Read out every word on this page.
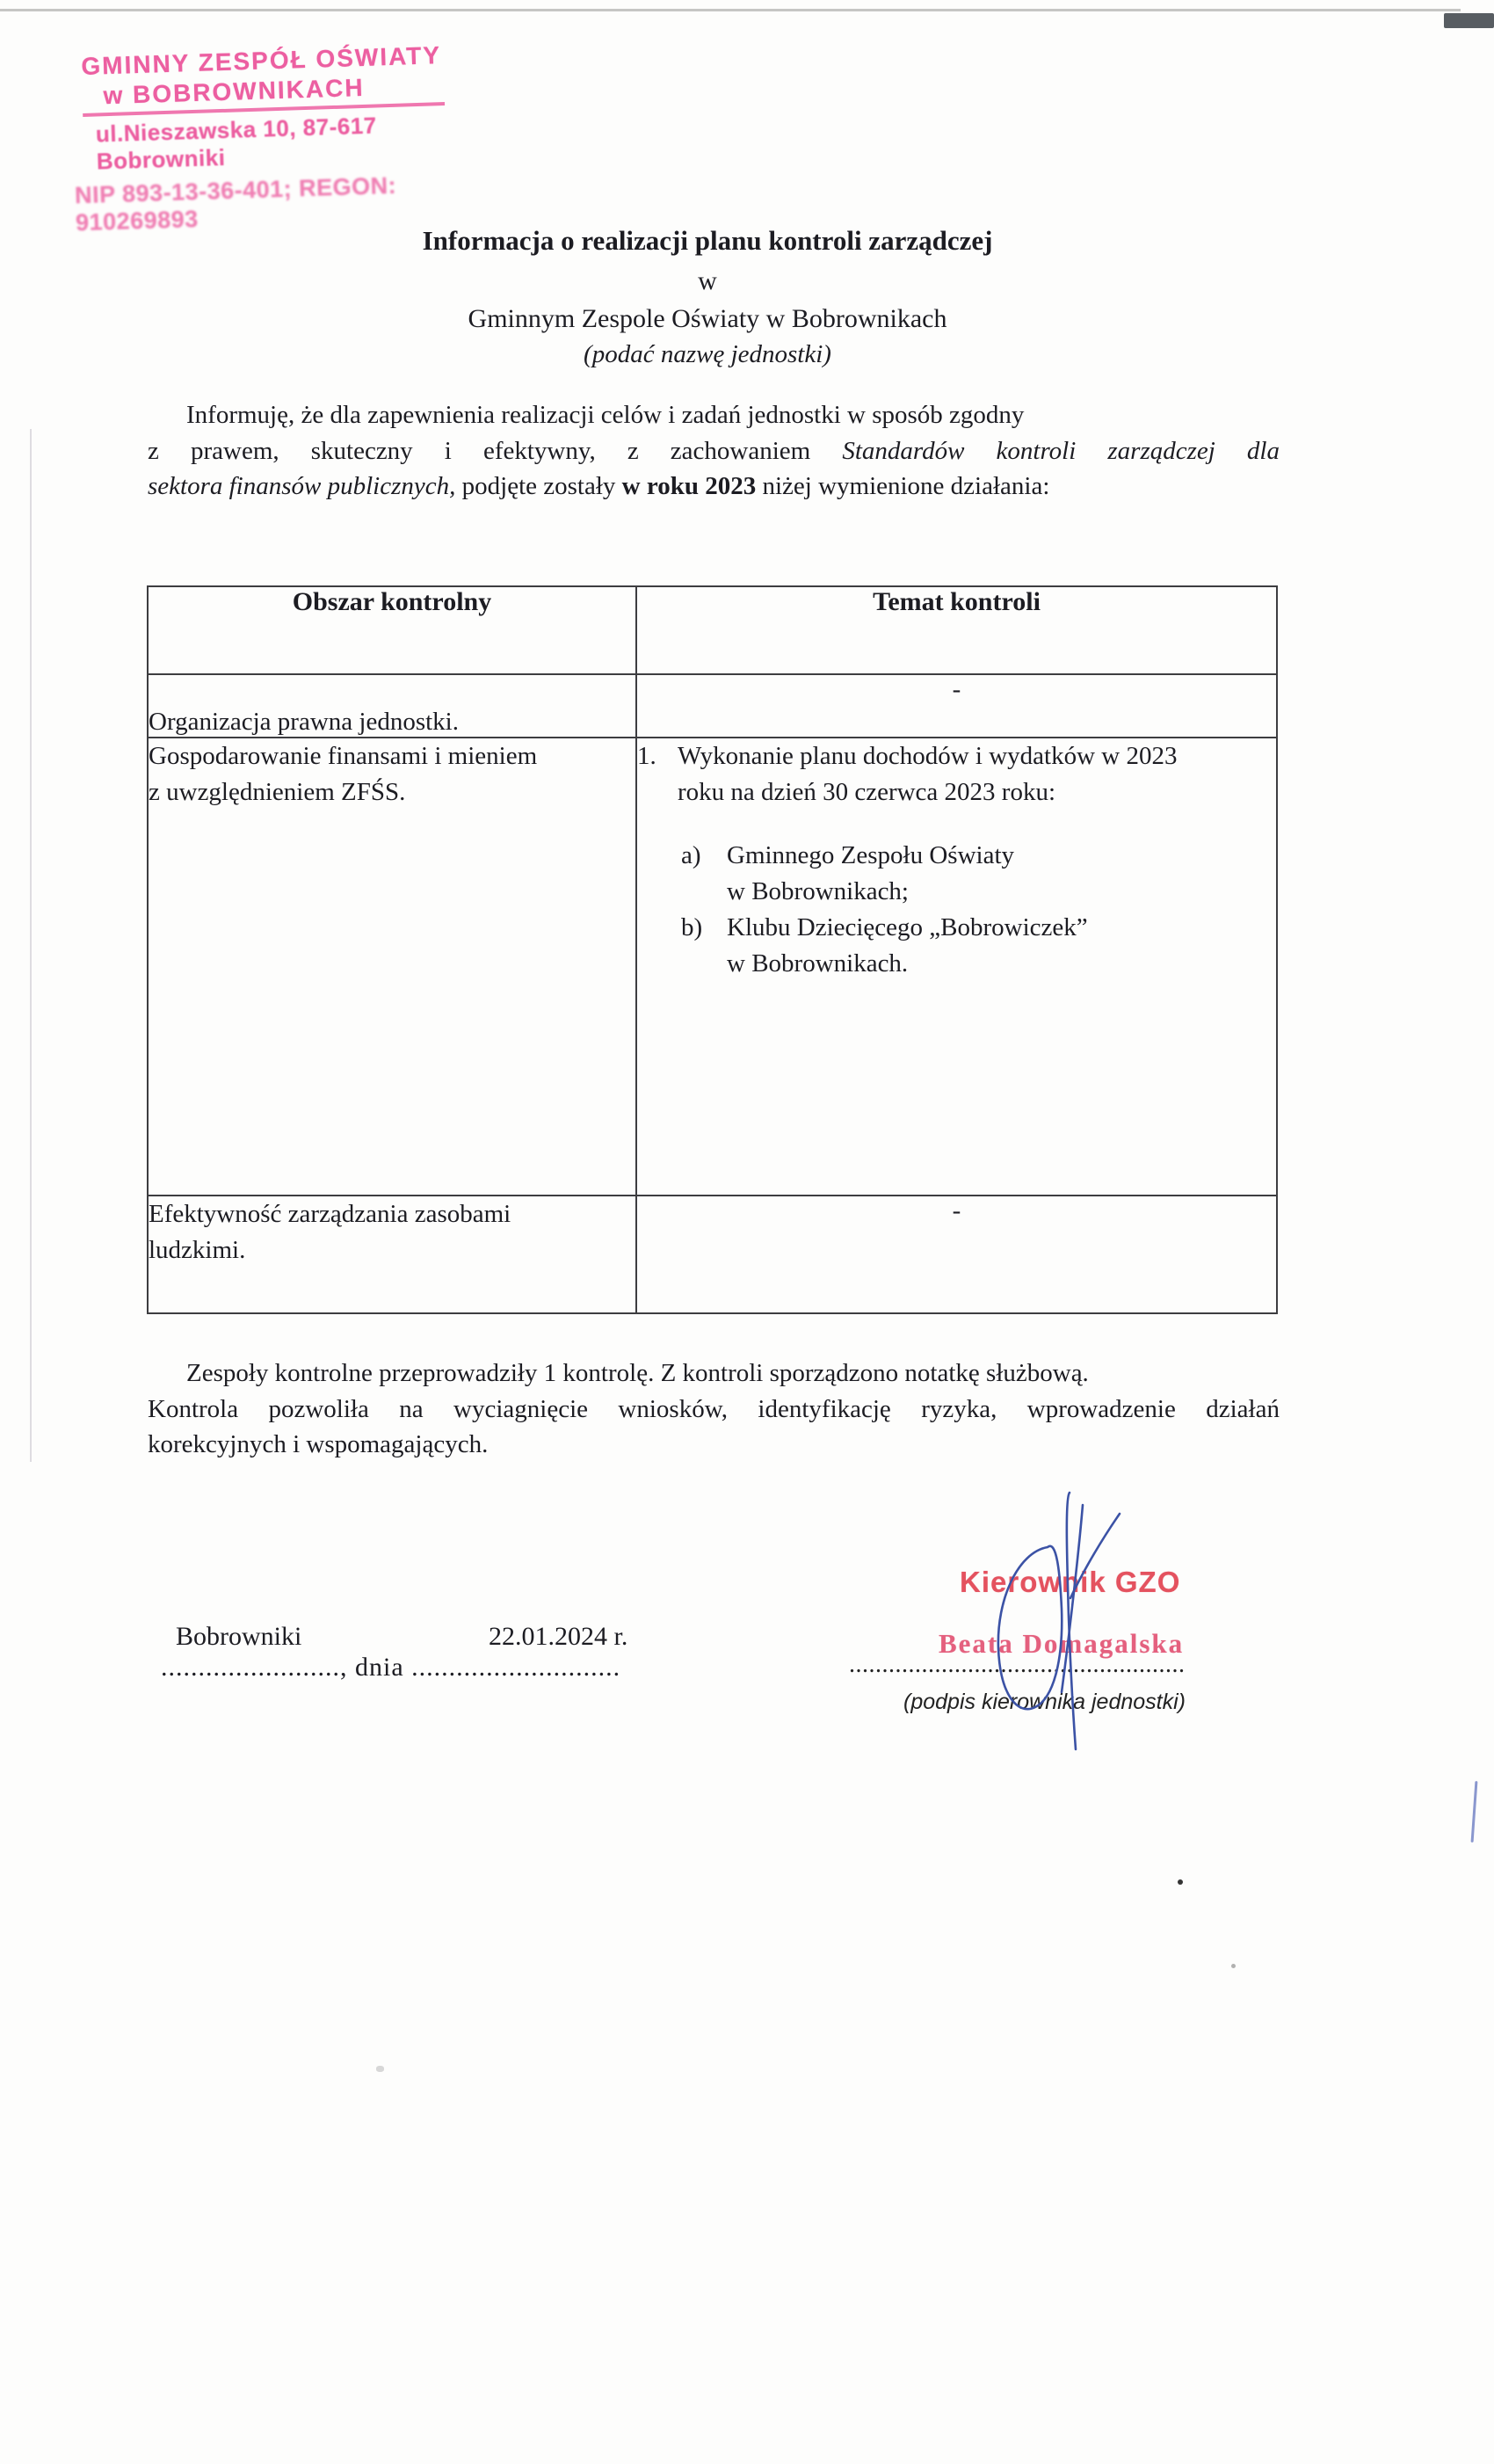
GMINNY ZESPÓŁ OŚWIATY
w BOBROWNIKACH
ul.Nieszawska 10, 87-617 Bobrowniki
NIP 893-13-36-401; REGON: 910269893
Informacja o realizacji planu kontroli zarządczej
w
Gminnym Zespole Oświaty w Bobrownikach
(podać nazwę jednostki)
Informuję, że dla zapewnienia realizacji celów i zadań jednostki w sposób zgodny
z prawem, skuteczny i efektywny, z zachowaniem Standardów kontroli zarządczej dla
sektora finansów publicznych, podjęte zostały w roku 2023 niżej wymienione działania:
Obszar kontrolny	Temat kontroli
Organizacja prawna jednostki.	-

Gospodarowanie finansami i mieniem
z uwzględnieniem ZFŚS.

1. Wykonanie planu dochodów i wydatków w 2023
roku na dzień 30 czerwca 2023 roku:
a)	Gminnego Zespołu Oświaty
w Bobrownikach;
b) Klubu Dziecięcego „Bobrowiczek”
w Bobrownikach.

Efektywność zarządzania zasobami
ludzkimi.	-
Zespoły kontrolne przeprowadziły 1 kontrolę. Z kontroli sporządzono notatkę służbową.
Kontrola pozwoliła na wyciagnięcie wniosków, identyfikację ryzyka, wprowadzenie działań
korekcyjnych i wspomagających.
Bobrowniki	22.01.2024 r.
........................, dnia ............................
Kierownik GZO
Beata Domagalska
...................................................
(podpis kierownika jednostki)
